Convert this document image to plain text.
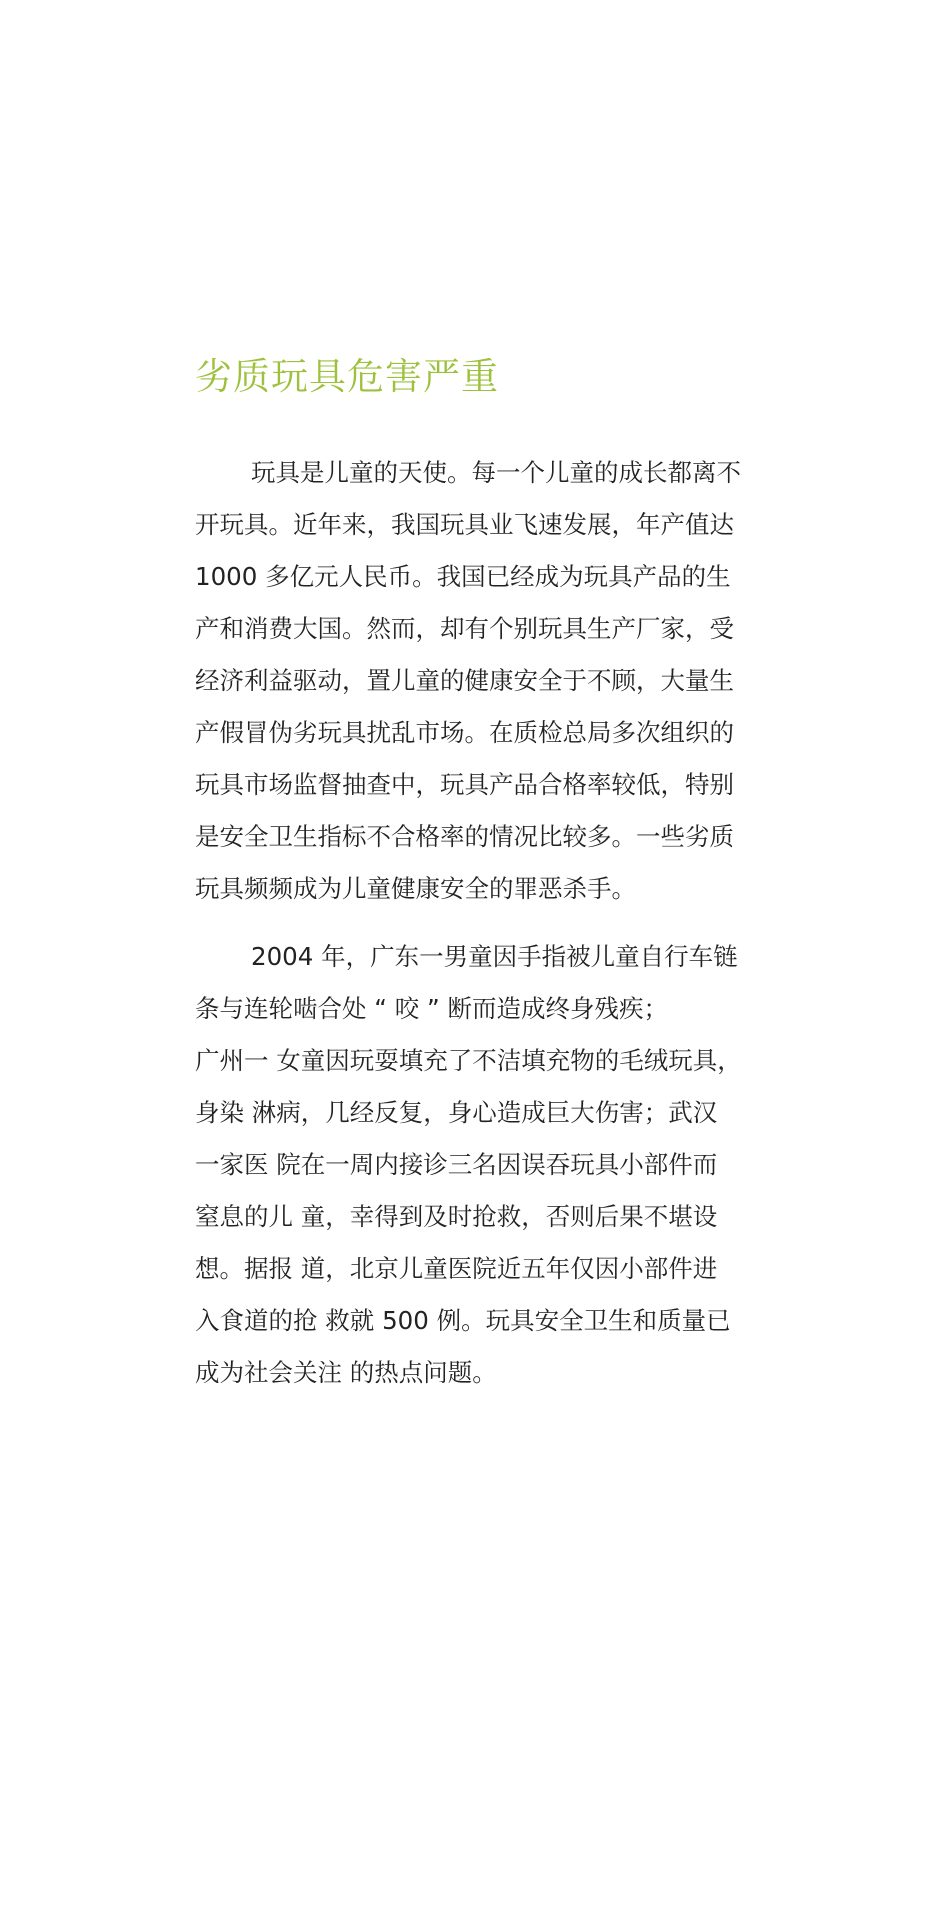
劣质玩具危害严重

玩具是儿童的天使。每一个儿童的成长都离不
开玩具。近年来，我国玩具业飞速发展，年产值达
1000 多亿元人民币。我国已经成为玩具产品的生
产和消费大国。然而，却有个别玩具生产厂家，受
经济利益驱动，置儿童的健康安全于不顾，大量生
产假冒伪劣玩具扰乱市场。在质检总局多次组织的
玩具市场监督抽查中，玩具产品合格率较低，特别
是安全卫生指标不合格率的情况比较多。一些劣质
玩具频频成为儿童健康安全的罪恶杀手。

2004 年，广东一男童因手指被儿童自行车链
条与连轮啮合处 “ 咬 ” 断而造成终身残疾；
广州一 女童因玩耍填充了不洁填充物的毛绒玩具，
身染 淋病，几经反复，身心造成巨大伤害；武汉
一家医 院在一周内接诊三名因误吞玩具小部件而
窒息的儿 童，幸得到及时抢救，否则后果不堪设
想。据报 道，北京儿童医院近五年仅因小部件进
入食道的抢 救就 500 例。玩具安全卫生和质量已
成为社会关注 的热点问题。
